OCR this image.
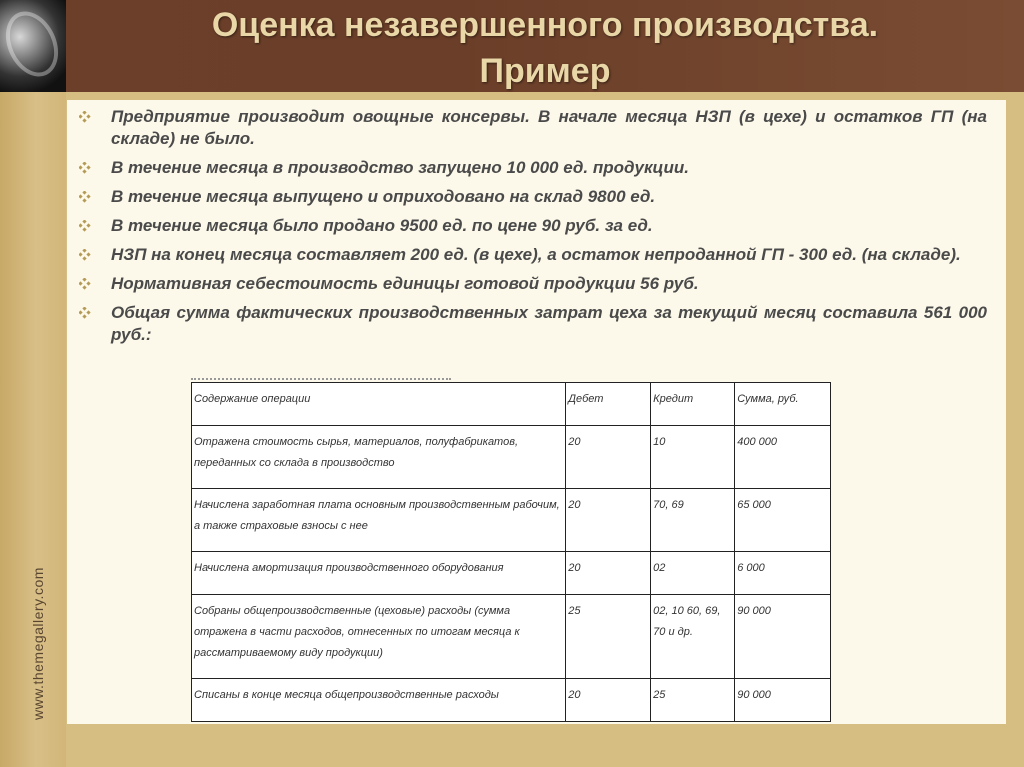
Оценка незавершенного производства.
Пример
www.themegallery.com
Предприятие производит овощные консервы. В начале месяца НЗП (в цехе) и остатков ГП (на складе) не было.
В течение месяца в производство запущено 10 000 ед. продукции.
В течение месяца выпущено и оприходовано на склад 9800 ед.
В течение месяца было продано 9500 ед. по цене 90 руб. за ед.
НЗП на конец месяца составляет 200 ед. (в цехе), а остаток непроданной ГП - 300 ед. (на складе).
Нормативная себестоимость единицы готовой продукции 56 руб.
Общая сумма фактических производственных затрат цеха за текущий месяц составила 561 000 руб.:
Содержание операции	Дебет	Кредит	Сумма, руб.
Отражена стоимость сырья, материалов, полуфабрикатов, переданных со склада в производство	20	10	400 000
Начислена заработная плата основным производственным рабочим, а также страховые взносы с нее	20	70, 69	65 000
Начислена амортизация производственного оборудования	20	02	6 000
Собраны общепроизводственные (цеховые) расходы (сумма отражена в части расходов, отнесенных по итогам месяца к рассматриваемому виду продукции)	25	02, 10 60, 69, 70 и др.	90 000
Списаны в конце месяца общепроизводственные расходы	20	25	90 000
